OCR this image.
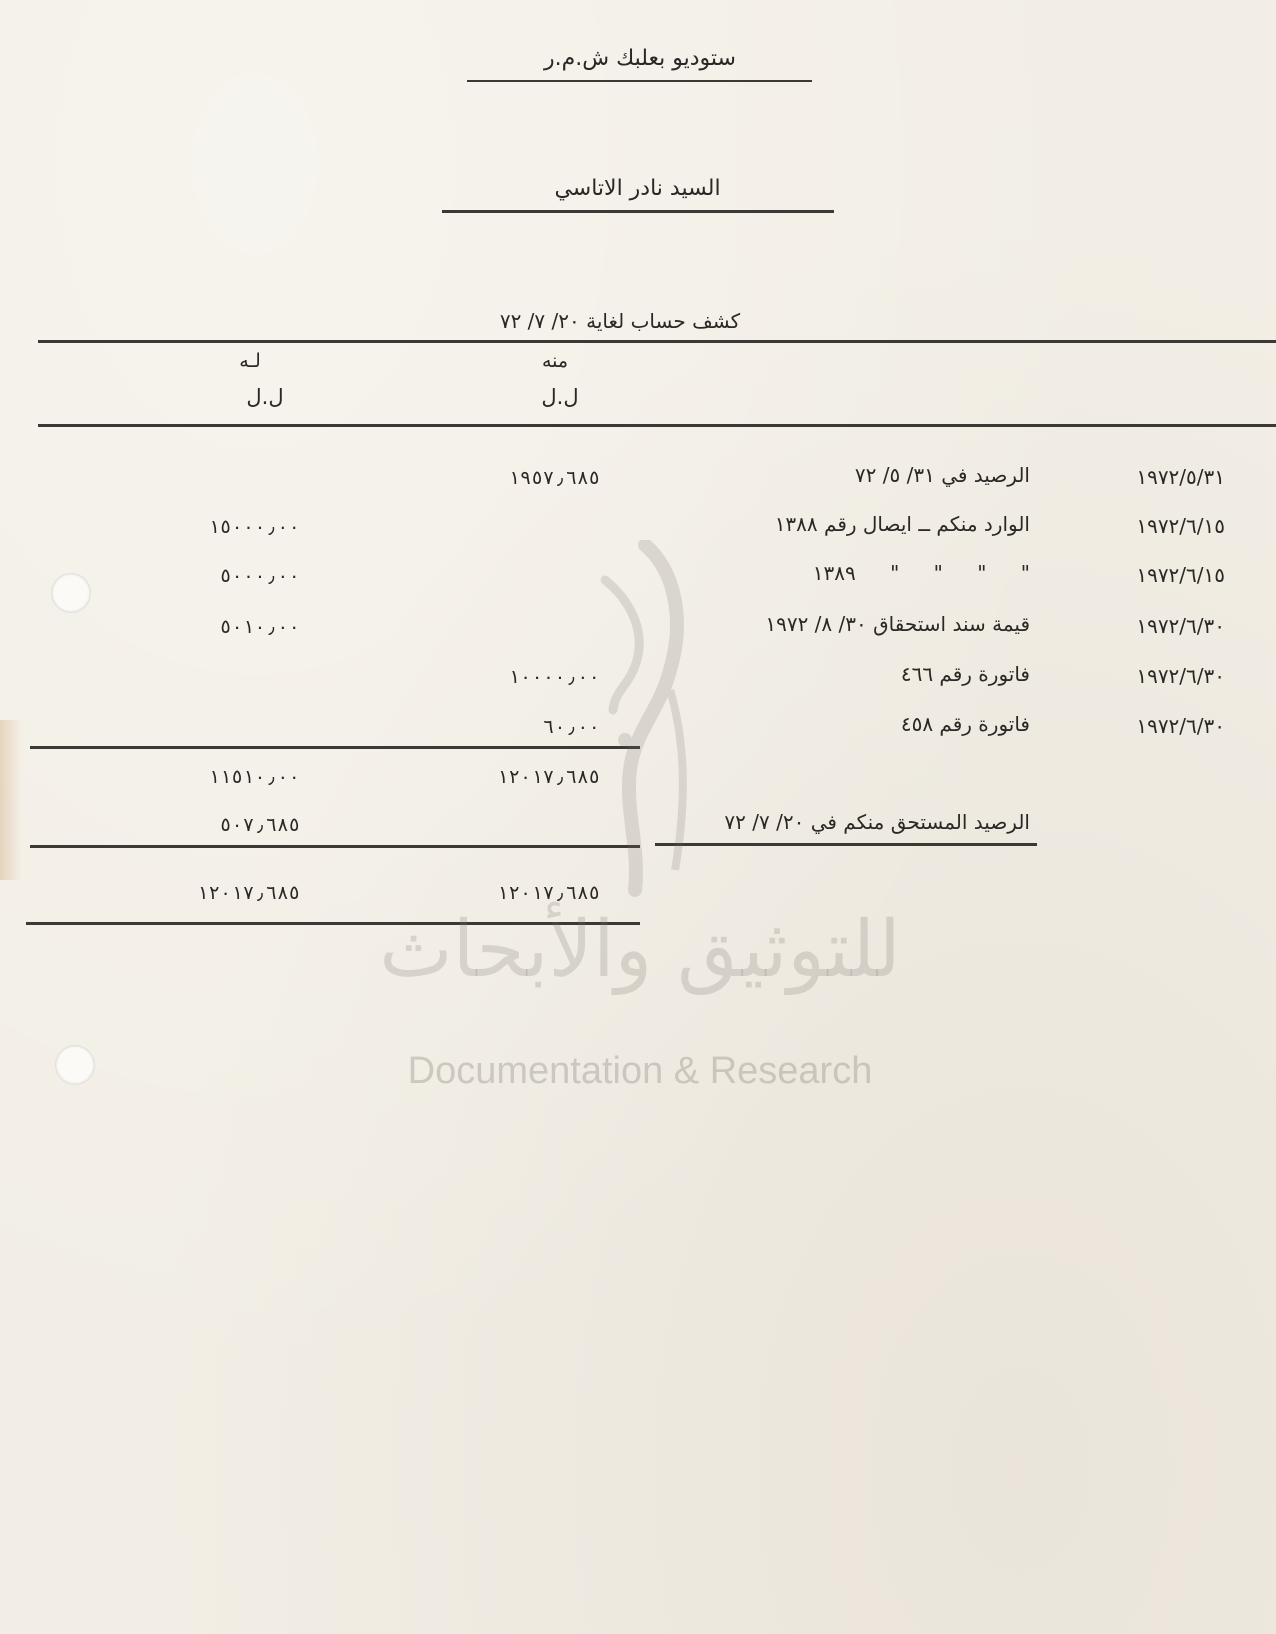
ستوديو بعلبك ش.م.ر
السيد نادر الاتاسي
كشف حساب لغاية ٢٠/ ٧/ ٧٢
لـه	منه
ل.ل	ل.ل
١٩٧٢/٥/٣١
الرصيد في ٣١/ ٥/ ٧٢
١٩٥٧٫٦٨٥
١٩٧٢/٦/١٥
الوارد منكم ــ ايصال رقم ١٣٨٨
١٥٠٠٠٫٠٠
١٩٧٢/٦/١٥
" " " " ١٣٨٩
٥٠٠٠٫٠٠
١٩٧٢/٦/٣٠
قيمة سند استحقاق ٣٠/ ٨/ ١٩٧٢
٥٠١٠٫٠٠
١٩٧٢/٦/٣٠
فاتورة رقم ٤٦٦
١٠٠٠٠٫٠٠
١٩٧٢/٦/٣٠
فاتورة رقم ٤٥٨
٦٠٫٠٠
١٢٠١٧٫٦٨٥
١١٥١٠٫٠٠
الرصيد المستحق منكم في ٢٠/ ٧/ ٧٢
٥٠٧٫٦٨٥
١٢٠١٧٫٦٨٥
١٢٠١٧٫٦٨٥
للتوثيق والأبحاث
Documentation & Research
